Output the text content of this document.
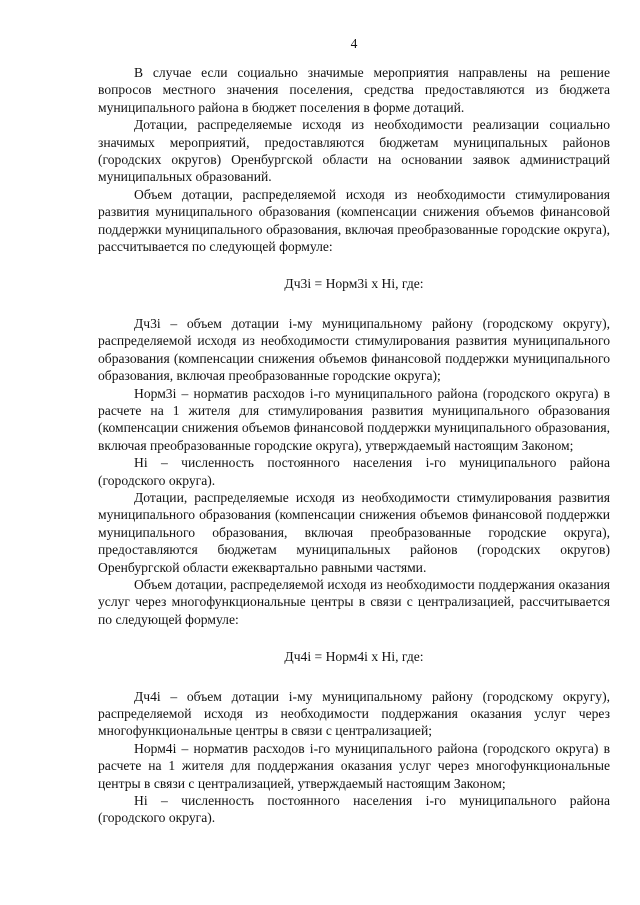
4

В случае если социально значимые мероприятия направлены на решение вопросов местного значения поселения, средства предоставляются из бюджета муниципального района в бюджет поселения в форме дотаций.

Дотации, распределяемые исходя из необходимости реализации социально значимых мероприятий, предоставляются бюджетам муниципальных районов (городских округов) Оренбургской области на основании заявок администраций муниципальных образований.

Объем дотации, распределяемой исходя из необходимости стимулирования развития муниципального образования (компенсации снижения объемов финансовой поддержки муниципального образования, включая преобразованные городские округа), рассчитывается по следующей формуле:

Дч3i = Норм3i x Hi, где:

Дч3i – объем дотации i-му муниципальному району (городскому округу), распределяемой исходя из необходимости стимулирования развития муниципального образования (компенсации снижения объемов финансовой поддержки муниципального образования, включая преобразованные городские округа);

Норм3i – норматив расходов i-го муниципального района (городского округа) в расчете на 1 жителя для стимулирования развития муниципального образования (компенсации снижения объемов финансовой поддержки муниципального образования, включая преобразованные городские округа), утверждаемый настоящим Законом;

Hi – численность постоянного населения i-го муниципального района (городского округа).

Дотации, распределяемые исходя из необходимости стимулирования развития муниципального образования (компенсации снижения объемов финансовой поддержки муниципального образования, включая преобразованные городские округа), предоставляются бюджетам муниципальных районов (городских округов) Оренбургской области ежеквартально равными частями.

Объем дотации, распределяемой исходя из необходимости поддержания оказания услуг через многофункциональные центры в связи с централизацией, рассчитывается по следующей формуле:

Дч4i = Норм4i x Hi, где:

Дч4i – объем дотации i-му муниципальному району (городскому округу), распределяемой исходя из необходимости поддержания оказания услуг через многофункциональные центры в связи с централизацией;

Норм4i – норматив расходов i-го муниципального района (городского округа) в расчете на 1 жителя для поддержания оказания услуг через многофункциональные центры в связи с централизацией, утверждаемый настоящим Законом;

Hi – численность постоянного населения i-го муниципального района (городского округа).
